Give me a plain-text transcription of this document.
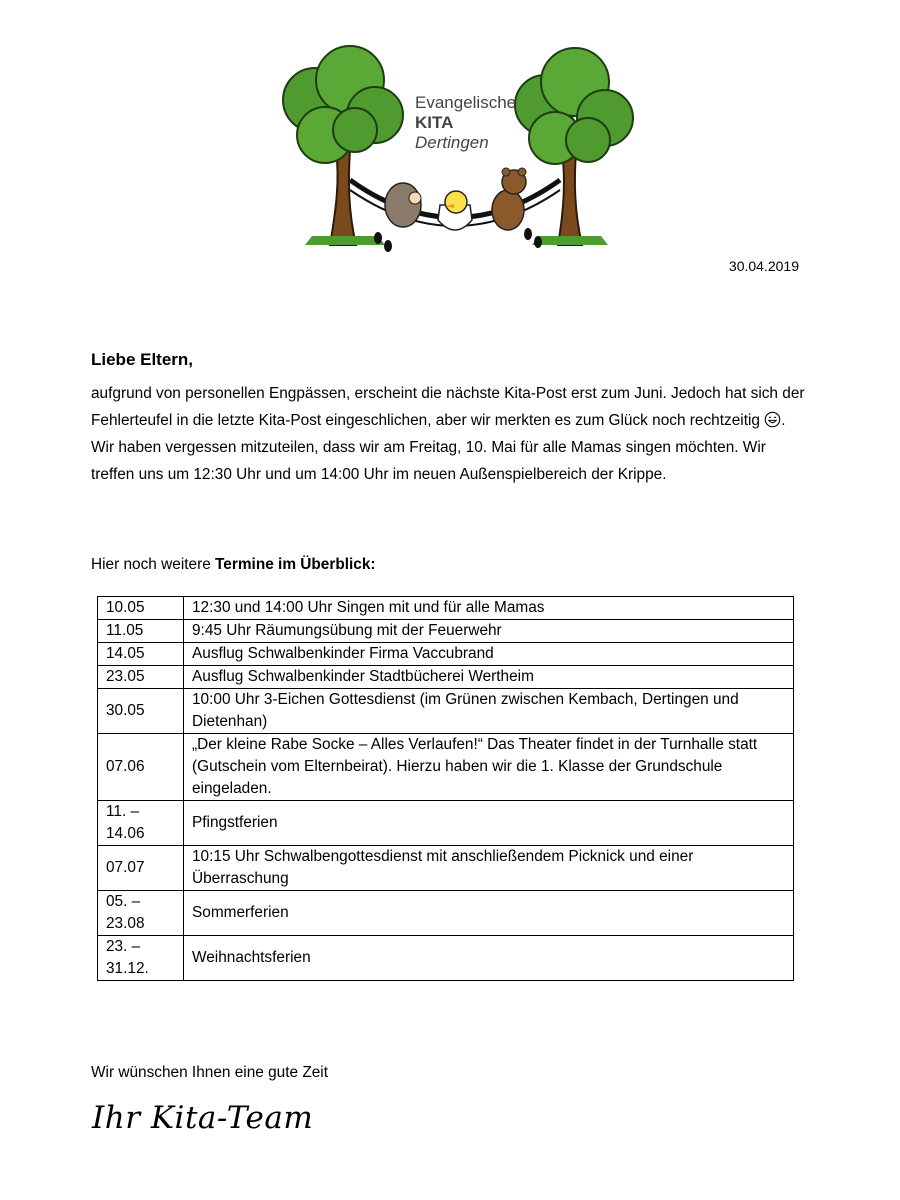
Evangelische
KITA
Dertingen
30.04.2019
Liebe Eltern,
aufgrund von personellen Engpässen, erscheint die nächste Kita-Post erst zum Juni. Jedoch hat sich der Fehlerteufel in die letzte Kita-Post eingeschlichen, aber wir merkten es zum Glück noch rechtzeitig . Wir haben vergessen mitzuteilen, dass wir am Freitag, 10. Mai für alle Mamas singen möchten. Wir treffen uns um 12:30 Uhr und um 14:00 Uhr im neuen Außenspielbereich der Krippe.
Hier noch weitere Termine im Überblick:
10.05	12:30 und 14:00 Uhr Singen mit und für alle Mamas
11.05	9:45 Uhr Räumungsübung mit der Feuerwehr
14.05	Ausflug Schwalbenkinder Firma Vaccubrand
23.05	Ausflug Schwalbenkinder Stadtbücherei Wertheim
30.05	10:00 Uhr 3-Eichen Gottesdienst (im Grünen zwischen Kembach, Dertingen und Dietenhan)
07.06	„Der kleine Rabe Socke – Alles Verlaufen!“ Das Theater findet in der Turnhalle statt (Gutschein vom Elternbeirat). Hierzu haben wir die 1. Klasse der Grundschule eingeladen.
11. – 14.06	Pfingstferien
07.07	10:15 Uhr Schwalbengottesdienst mit anschließendem Picknick und einer Überraschung
05. – 23.08	Sommerferien
23. – 31.12.	Weihnachtsferien
Wir wünschen Ihnen eine gute Zeit
Ihr Kita-Team
